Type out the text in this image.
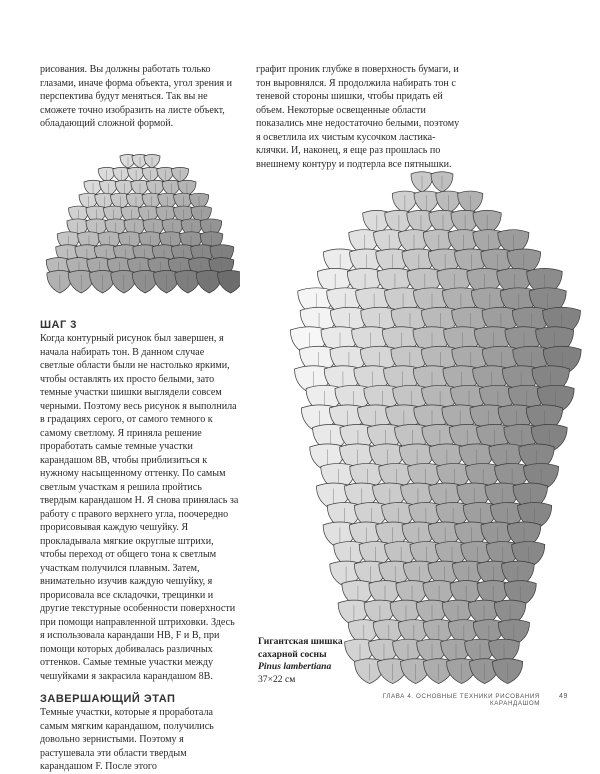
рисования. Вы должны работать только глазами, иначе форма объекта, угол зрения и перспектива будут меняться. Так вы не сможете точно изобразить на листе объект, обладающий сложной формой.

графит проник глубже в поверхность бумаги, и тон выровнялся. Я продолжила набирать тон с теневой стороны шишки, чтобы придать ей объем. Некоторые освещенные области показались мне недостаточно белыми, поэтому я осветлила их чистым кусочком ластика-клячки. И, наконец, я еще раз прошлась по внешнему контуру и подтерла все пятнышки.

ШАГ 3

Когда контурный рисунок был завершен, я начала набирать тон. В данном случае светлые области были не настолько яркими, чтобы оставлять их просто белыми, зато темные участки шишки выглядели совсем черными. Поэтому весь рисунок я выполнила в градациях серого, от самого темного к самому светлому. Я приняла решение проработать самые темные участки карандашом 8В, чтобы приблизиться к нужному насыщенному оттенку. По самым светлым участкам я решила пройтись твердым карандашом Н. Я снова принялась за работу с правого верхнего угла, поочередно прорисовывая каждую чешуйку. Я прокладывала мягкие округлые штрихи, чтобы переход от общего тона к светлым участкам получился плавным. Затем, внимательно изучив каждую чешуйку, я прорисовала все складочки, трещинки и другие текстурные особенности поверхности при помощи направленной штриховки. Здесь я использовала карандаши НВ, F и В, при помощи которых добивалась различных оттенков. Самые темные участки между чешуйками я закрасила карандашом 8В.

ЗАВЕРШАЮЩИЙ ЭТАП

Темные участки, которые я проработала самым мягким карандашом, получились довольно зернистыми. Поэтому я растушевала эти области твердым карандашом F. После этого

Гигантская шишка
сахарной сосны
Pinus lambertiana
37×22 см
ГЛАВА 4. ОСНОВНЫЕ ТЕХНИКИ РИСОВАНИЯ КАРАНДАШОМ
49
